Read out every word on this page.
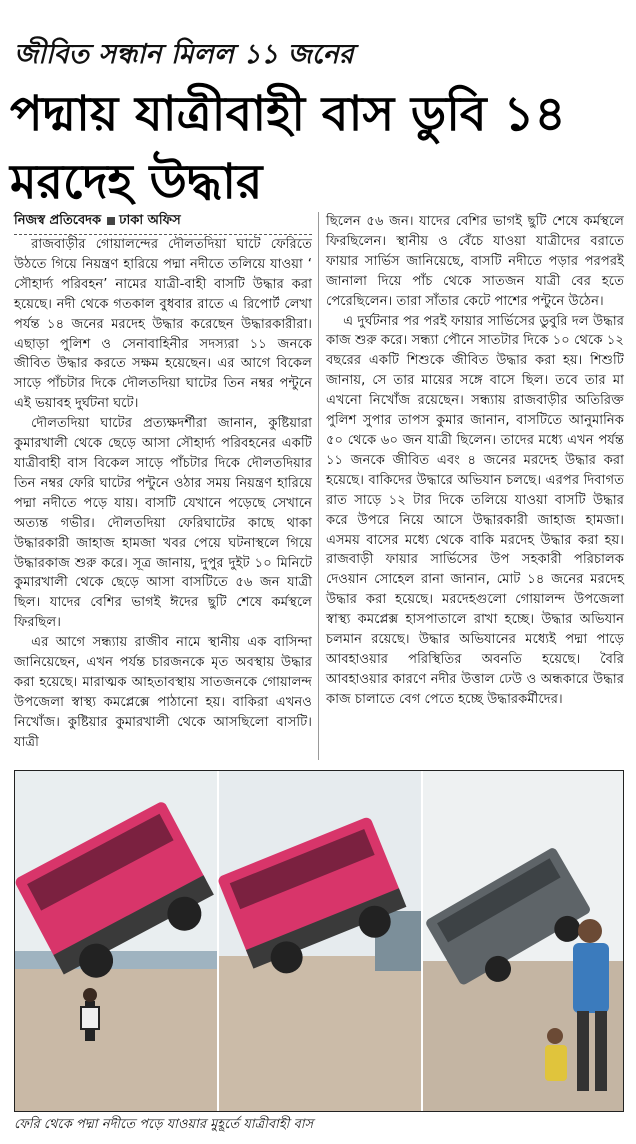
জীবিত সন্ধান মিলল ১১ জনের
পদ্মায় যাত্রীবাহী বাস ডুবি ১৪ মরদেহ উদ্ধার

নিজস্ব প্রতিবেদক ঢাকা অফিস

রাজবাড়ীর গোয়ালন্দের দৌলতদিয়া ঘাটে ফেরিতে উঠতে গিয়ে নিয়ন্ত্রণ হারিয়ে পদ্মা নদীতে তলিয়ে যাওয়া ‘ সৌহার্দ্য পরিবহন’ নামের যাত্রী-বাহী বাসটি উদ্ধার করা হয়েছে। নদী থেকে গতকাল বুধবার রাতে এ রিপোর্ট লেখা পর্যন্ত ১৪ জনের মরদেহ উদ্ধার করেছেন উদ্ধারকারীরা। এছাড়া পুলিশ ও সেনাবাহিনীর সদস্যরা ১১ জনকে জীবিত উদ্ধার করতে সক্ষম হয়েছেন। এর আগে বিকেল সাড়ে পাঁচটার দিকে দৌলতদিয়া ঘাটের তিন নম্বর পন্টুনে এই ভয়াবহ দুর্ঘটনা ঘটে।

দৌলতদিয়া ঘাটের প্রত্যক্ষদর্শীরা জানান, কুষ্টিয়ারা কুমারখালী থেকে ছেড়ে আসা সৌহার্দ্য পরিবহনের একটি যাত্রীবাহী বাস বিকেল সাড়ে পাঁচটার দিকে দৌলতদিয়ার তিন নম্বর ফেরি ঘাটের পন্টুনে ওঠার সময় নিয়ন্ত্রণ হারিয়ে পদ্মা নদীতে পড়ে যায়। বাসটি যেখানে পড়েছে সেখানে অত্যন্ত গভীর। দৌলতদিয়া ফেরিঘাটের কাছে থাকা উদ্ধারকারী জাহাজ হামজা খবর পেয়ে ঘটনাস্থলে গিয়ে উদ্ধারকাজ শুরু করে। সূত্র জানায়, দুপুর দুইট ১০ মিনিটে কুমারখালী থেকে ছেড়ে আসা বাসটিতে ৫৬ জন যাত্রী ছিল। যাদের বেশির ভাগই ঈদের ছুটি শেষে কর্মস্থলে ফিরছিল।

এর আগে সন্ধ্যায় রাজীব নামে স্থানীয় এক বাসিন্দা জানিয়েছেন, এখন পর্যন্ত চারজনকে মৃত অবস্থায় উদ্ধার করা হয়েছে। মারাত্মক আহতাবস্থায় সাতজনকে গোয়ালন্দ উপজেলা স্বাস্থ্য কমপ্লেক্সে পাঠানো হয়। বাকিরা এখনও নিখোঁজ। কুষ্টিয়ার কুমারখালী থেকে আসছিলো বাসটি। যাত্রী

ছিলেন ৫৬ জন। যাদের বেশির ভাগই ছুটি শেষে কর্মস্থলে ফিরছিলেন। স্থানীয় ও বেঁচে যাওয়া যাত্রীদের বরাতে ফায়ার সার্ভিস জানিয়েছে, বাসটি নদীতে পড়ার পরপরই জানালা দিয়ে পাঁচ থেকে সাতজন যাত্রী বের হতে পেরেছিলেন। তারা সাঁতার কেটে পাশের পন্টুনে উঠেন।

এ দুর্ঘটনার পর পরই ফায়ার সার্ভিসের ডুবুরি দল উদ্ধার কাজ শুরু করে। সন্ধ্যা পৌনে সাতটার দিকে ১০ থেকে ১২ বছরের একটি শিশুকে জীবিত উদ্ধার করা হয়। শিশুটি জানায়, সে তার মায়ের সঙ্গে বাসে ছিল। তবে তার মা এখনো নিখোঁজ রয়েছেন। সন্ধ্যায় রাজবাড়ীর অতিরিক্ত পুলিশ সুপার তাপস কুমার জানান, বাসটিতে আনুমানিক ৫০ থেকে ৬০ জন যাত্রী ছিলেন। তাদের মধ্যে এখন পর্যন্ত ১১ জনকে জীবিত এবং ৪ জনের মরদেহ উদ্ধার করা হয়েছে। বাকিদের উদ্ধারে অভিযান চলছে। এরপর দিবাগত রাত সাড়ে ১২ টার দিকে তলিয়ে যাওয়া বাসটি উদ্ধার করে উপরে নিয়ে আসে উদ্ধারকারী জাহাজ হামজা। এসময় বাসের মধ্যে থেকে বাকি মরদেহ উদ্ধার করা হয়। রাজবাড়ী ফায়ার সার্ভিসের উপ সহকারী পরিচালক দেওয়ান সোহেল রানা জানান, মোট ১৪ জনের মরদেহ উদ্ধার করা হয়েছে। মরদেহগুলো গোয়ালন্দ উপজেলা স্বাস্থ্য কমপ্লেক্স হাসপাতালে রাখা হচ্ছে। উদ্ধার অভিযান চলমান রয়েছে। উদ্ধার অভিযানের মধ্যেই পদ্মা পাড়ে আবহাওয়ার পরিস্থিতির অবনতি হয়েছে। বৈরি আবহাওয়ার কারণে নদীর উত্তাল ঢেউ ও অন্ধকারে উদ্ধার কাজ চালাতে বেগ পেতে হচ্ছে উদ্ধারকর্মীদের।

ফেরি থেকে পদ্মা নদীতে পড়ে যাওয়ার মুহূর্তে যাত্রীবাহী বাস
